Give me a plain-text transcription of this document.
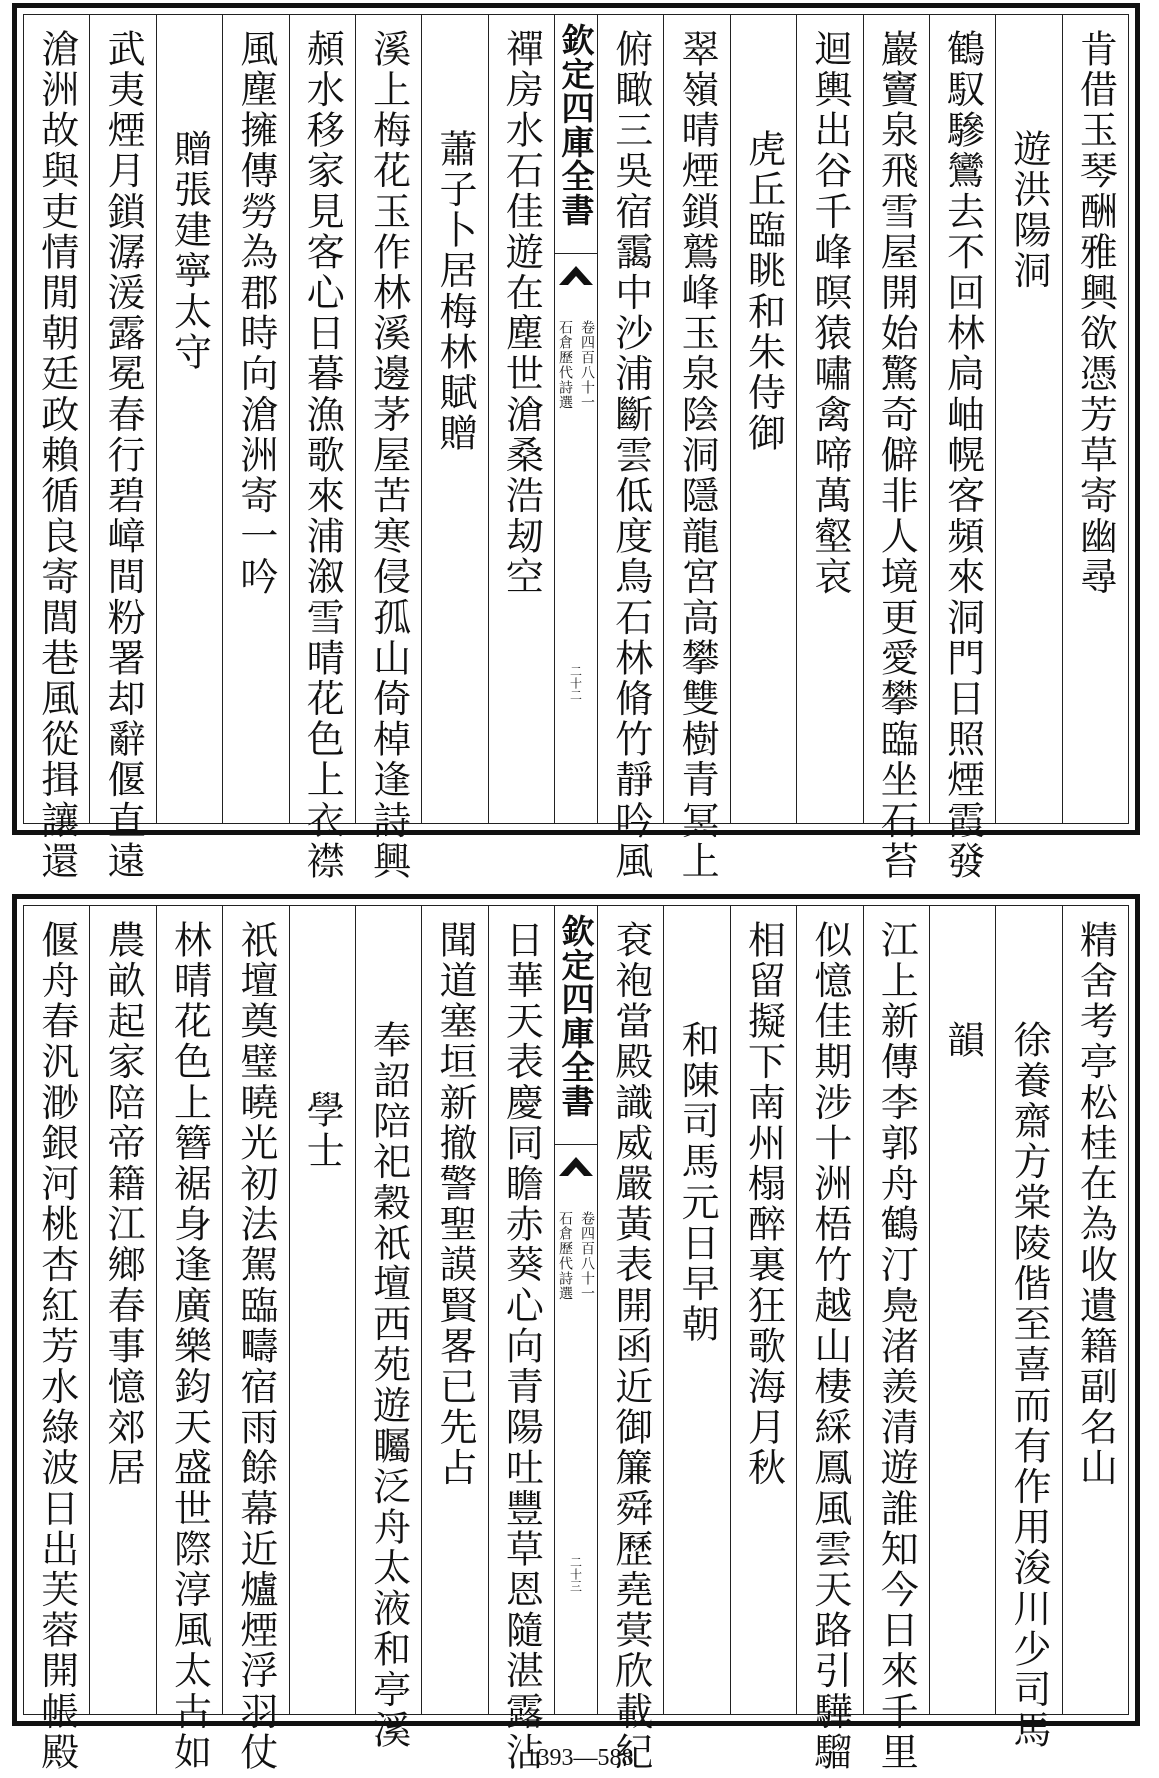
肯借玉琴酬雅興欲憑芳草寄幽尋
遊洪陽洞
鶴馭驂鸞去不回林扃岫幌客頻來洞門日照煙霞發
巖竇泉飛雪屋開始驚奇僻非人境更愛攀臨坐石苔
迴輿出谷千峰暝猿嘯禽啼萬壑哀
虎丘臨眺和朱侍御
翠嶺晴煙鎖鷲峰玉泉陰洞隱龍宮高攀雙樹青冥上
俯瞰三吳宿靄中沙浦斷雲低度鳥石林脩竹靜吟風
欽定四庫全書
石倉歷代詩選 卷四百八十一
二十二
禪房水石佳遊在塵世滄桑浩刼空
蕭子卜居梅林賦贈
溪上梅花玉作林溪邊茅屋苦寒侵孤山倚棹逢詩興
頳水移家見客心日暮漁歌來浦溆雪晴花色上衣襟
風塵擁傳勞為郡時向滄洲寄一吟
贈張建寧太守
武夷煙月鎖潺湲露冕春行碧嶂間粉署却辭偃直遠
滄洲故與吏情閒朝廷政賴循良寄閭巷風從揖讓還
精舍考亭松桂在為收遺籍副名山
徐養齋方棠陵偕至喜而有作用浚川少司馬
韻
江上新傳李郭舟鶴汀鳧渚羨清遊誰知今日來千里
似憶佳期涉十洲梧竹越山棲綵鳳風雲天路引驊騮
相留擬下南州榻醉裏狂歌海月秋
和陳司馬元日早朝
袞袍當殿識威嚴黃表開函近御簾舜歷堯蓂欣載紀
欽定四庫全書
石倉歷代詩選 卷四百八十一
二十三
日華天表慶同瞻赤葵心向青陽吐豐草恩隨湛露沾
聞道塞垣新撤警聖謨賢畧已先占
奉詔陪祀穀祇壇西苑遊矚泛舟太液和亭溪
學士
祇壇奠璧曉光初法駕臨疇宿雨餘幕近爐煙浮羽仗
林晴花色上簪裾身逢廣樂鈞天盛世際淳風太古如
農畝起家陪帝籍江鄉春事憶郊居
偃舟春汎渺銀河桃杏紅芳水綠波日出芙蓉開帳殿	1393—588
